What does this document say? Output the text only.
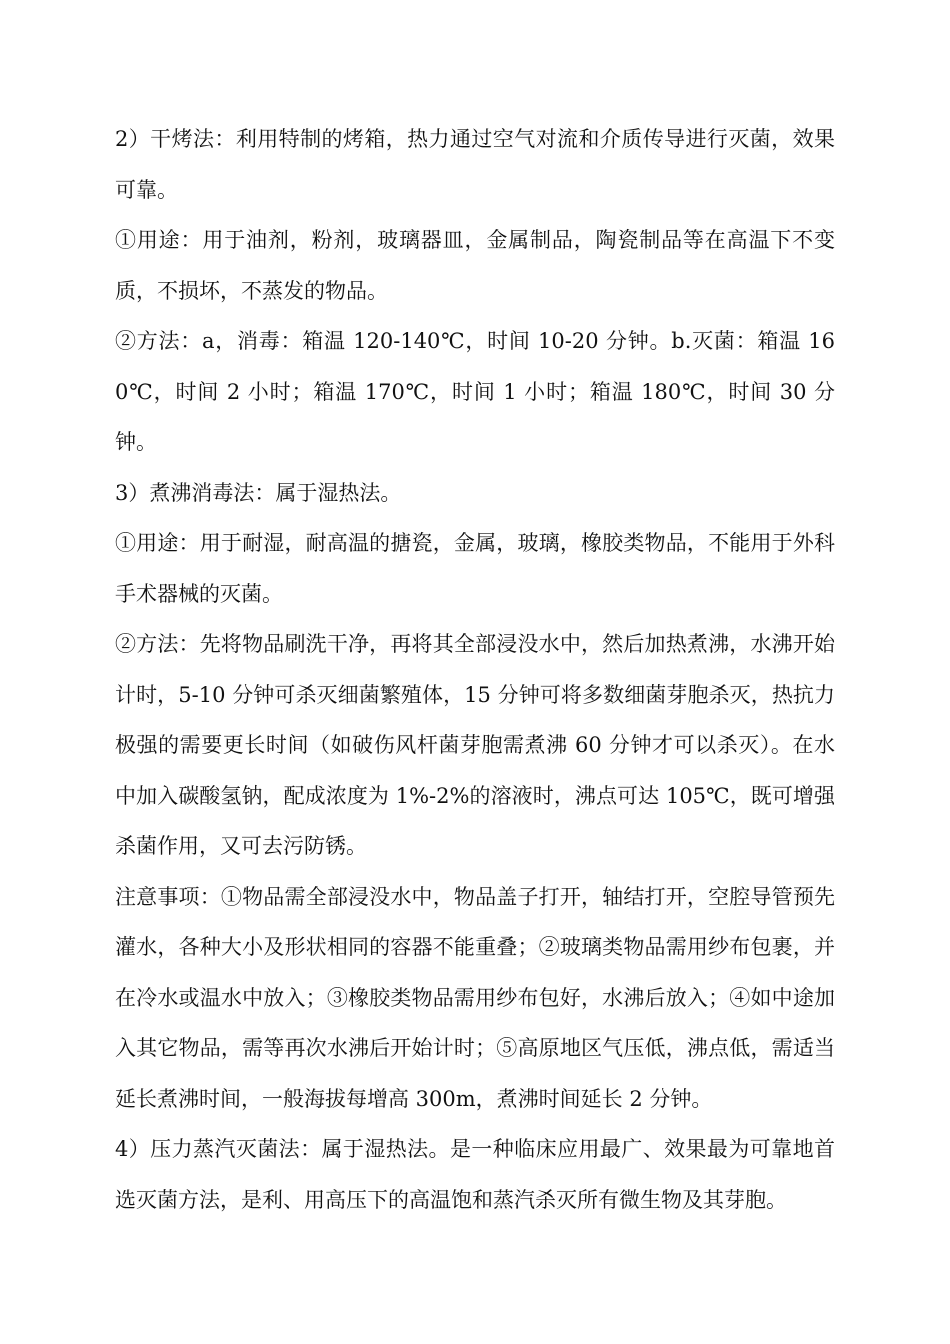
2）干烤法：利用特制的烤箱，热力通过空气对流和介质传导进行灭菌，效果可靠。

①用途：用于油剂，粉剂，玻璃器皿，金属制品，陶瓷制品等在高温下不变质，不损坏，不蒸发的物品。

②方法：a，消毒：箱温 120-140℃，时间 10-20 分钟。b.灭菌：箱温 160℃，时间 2 小时；箱温 170℃，时间 1 小时；箱温 180℃，时间 30 分钟。

3）煮沸消毒法：属于湿热法。

①用途：用于耐湿，耐高温的搪瓷，金属，玻璃，橡胶类物品，不能用于外科手术器械的灭菌。

②方法：先将物品刷洗干净，再将其全部浸没水中，然后加热煮沸，水沸开始计时，5-10 分钟可杀灭细菌繁殖体，15 分钟可将多数细菌芽胞杀灭，热抗力极强的需要更长时间（如破伤风杆菌芽胞需煮沸 60 分钟才可以杀灭）。在水中加入碳酸氢钠，配成浓度为 1%-2%的溶液时，沸点可达 105℃，既可增强杀菌作用，又可去污防锈。

注意事项：①物品需全部浸没水中，物品盖子打开，轴结打开，空腔导管预先灌水，各种大小及形状相同的容器不能重叠；②玻璃类物品需用纱布包裹，并在冷水或温水中放入；③橡胶类物品需用纱布包好，水沸后放入；④如中途加入其它物品，需等再次水沸后开始计时；⑤高原地区气压低，沸点低，需适当延长煮沸时间，一般海拔每增高 300m，煮沸时间延长 2 分钟。

4）压力蒸汽灭菌法：属于湿热法。是一种临床应用最广、效果最为可靠地首选灭菌方法，是利、用高压下的高温饱和蒸汽杀灭所有微生物及其芽胞。
